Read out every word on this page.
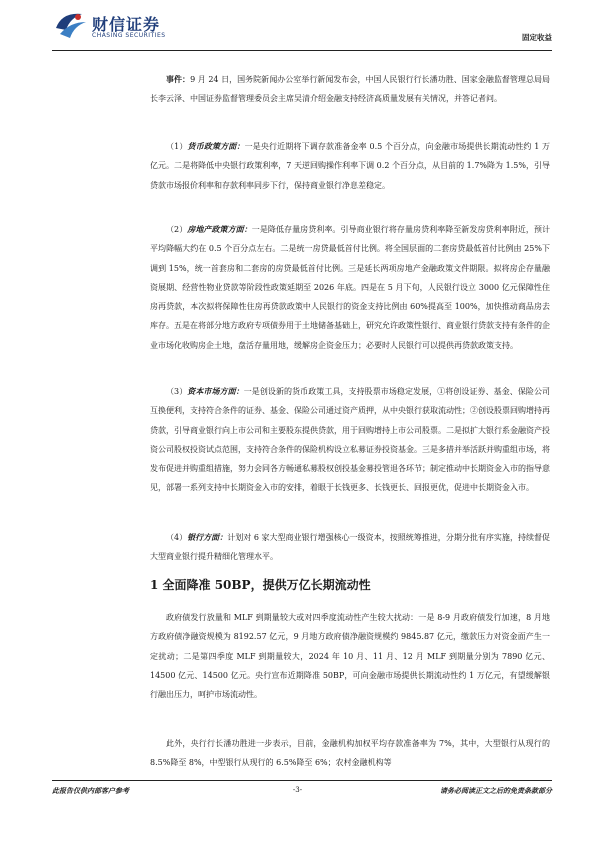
财信证券
CHASING SECURITIES	固定收益

事件：9 月 24 日，国务院新闻办公室举行新闻发布会，中国人民银行行长潘功胜、国家金融监督管理总局局长李云泽、中国证券监督管理委员会主席吴清介绍金融支持经济高质量发展有关情况，并答记者问。

（1）货币政策方面：一是央行近期将下调存款准备金率 0.5 个百分点，向金融市场提供长期流动性约 1 万亿元。二是将降低中央银行政策利率，7 天逆回购操作利率下调 0.2 个百分点，从目前的 1.7%降为 1.5%，引导贷款市场报价利率和存款利率同步下行，保持商业银行净息差稳定。

（2）房地产政策方面：一是降低存量房贷利率。引导商业银行将存量房贷利率降至新发房贷利率附近，预计平均降幅大约在 0.5 个百分点左右。二是统一房贷最低首付比例。将全国层面的二套房贷最低首付比例由 25%下调到 15%，统一首套房和二套房的房贷最低首付比例。三是延长两项房地产金融政策文件期限。拟将房企存量融资展期、经营性物业贷款等阶段性政策延期至 2026 年底。四是在 5 月下旬，人民银行设立 3000 亿元保障性住房再贷款，本次拟将保障性住房再贷款政策中人民银行的资金支持比例由 60%提高至 100%，加快推动商品房去库存。五是在将部分地方政府专项债券用于土地储备基础上，研究允许政策性银行、商业银行贷款支持有条件的企业市场化收购房企土地，盘活存量用地，缓解房企资金压力；必要时人民银行可以提供再贷款政策支持。

（3）资本市场方面：一是创设新的货币政策工具，支持股票市场稳定发展，①将创设证券、基金、保险公司互换便利，支持符合条件的证券、基金、保险公司通过资产质押，从中央银行获取流动性；②创设股票回购增持再贷款，引导商业银行向上市公司和主要股东提供贷款，用于回购增持上市公司股票。二是拟扩大银行系金融资产投资公司股权投资试点范围，支持符合条件的保险机构设立私募证券投资基金。三是多措并举活跃并购重组市场，将发布促进并购重组措施，努力会同各方畅通私募股权创投基金募投管退各环节；制定推动中长期资金入市的指导意见，部署一系列支持中长期资金入市的安排，着眼于长钱更多、长钱更长、回报更优，促进中长期资金入市。

（4）银行方面：计划对 6 家大型商业银行增强核心一级资本，按照统筹推进，分期分批有序实施，持续督促大型商业银行提升精细化管理水平。

1 全面降准 50BP，提供万亿长期流动性

政府债发行放量和 MLF 到期量较大或对四季度流动性产生较大扰动：一是 8-9 月政府债发行加速，8 月地方政府债净融资规模为 8192.57 亿元，9 月地方政府债净融资规模约 9845.87 亿元，缴款压力对资金面产生一定扰动；二是第四季度 MLF 到期量较大，2024 年 10 月、11 月、12 月 MLF 到期量分别为 7890 亿元、14500 亿元、14500 亿元。央行宣布近期降准 50BP，可向金融市场提供长期流动性约 1 万亿元，有望缓解银行融出压力，呵护市场流动性。

此外，央行行长潘功胜进一步表示，目前，金融机构加权平均存款准备率为 7%，其中，大型银行从现行的 8.5%降至 8%，中型银行从现行的 6.5%降至 6%；农村金融机构等

此报告仅供内部客户参考	-3-	请务必阅读正文之后的免责条款部分
